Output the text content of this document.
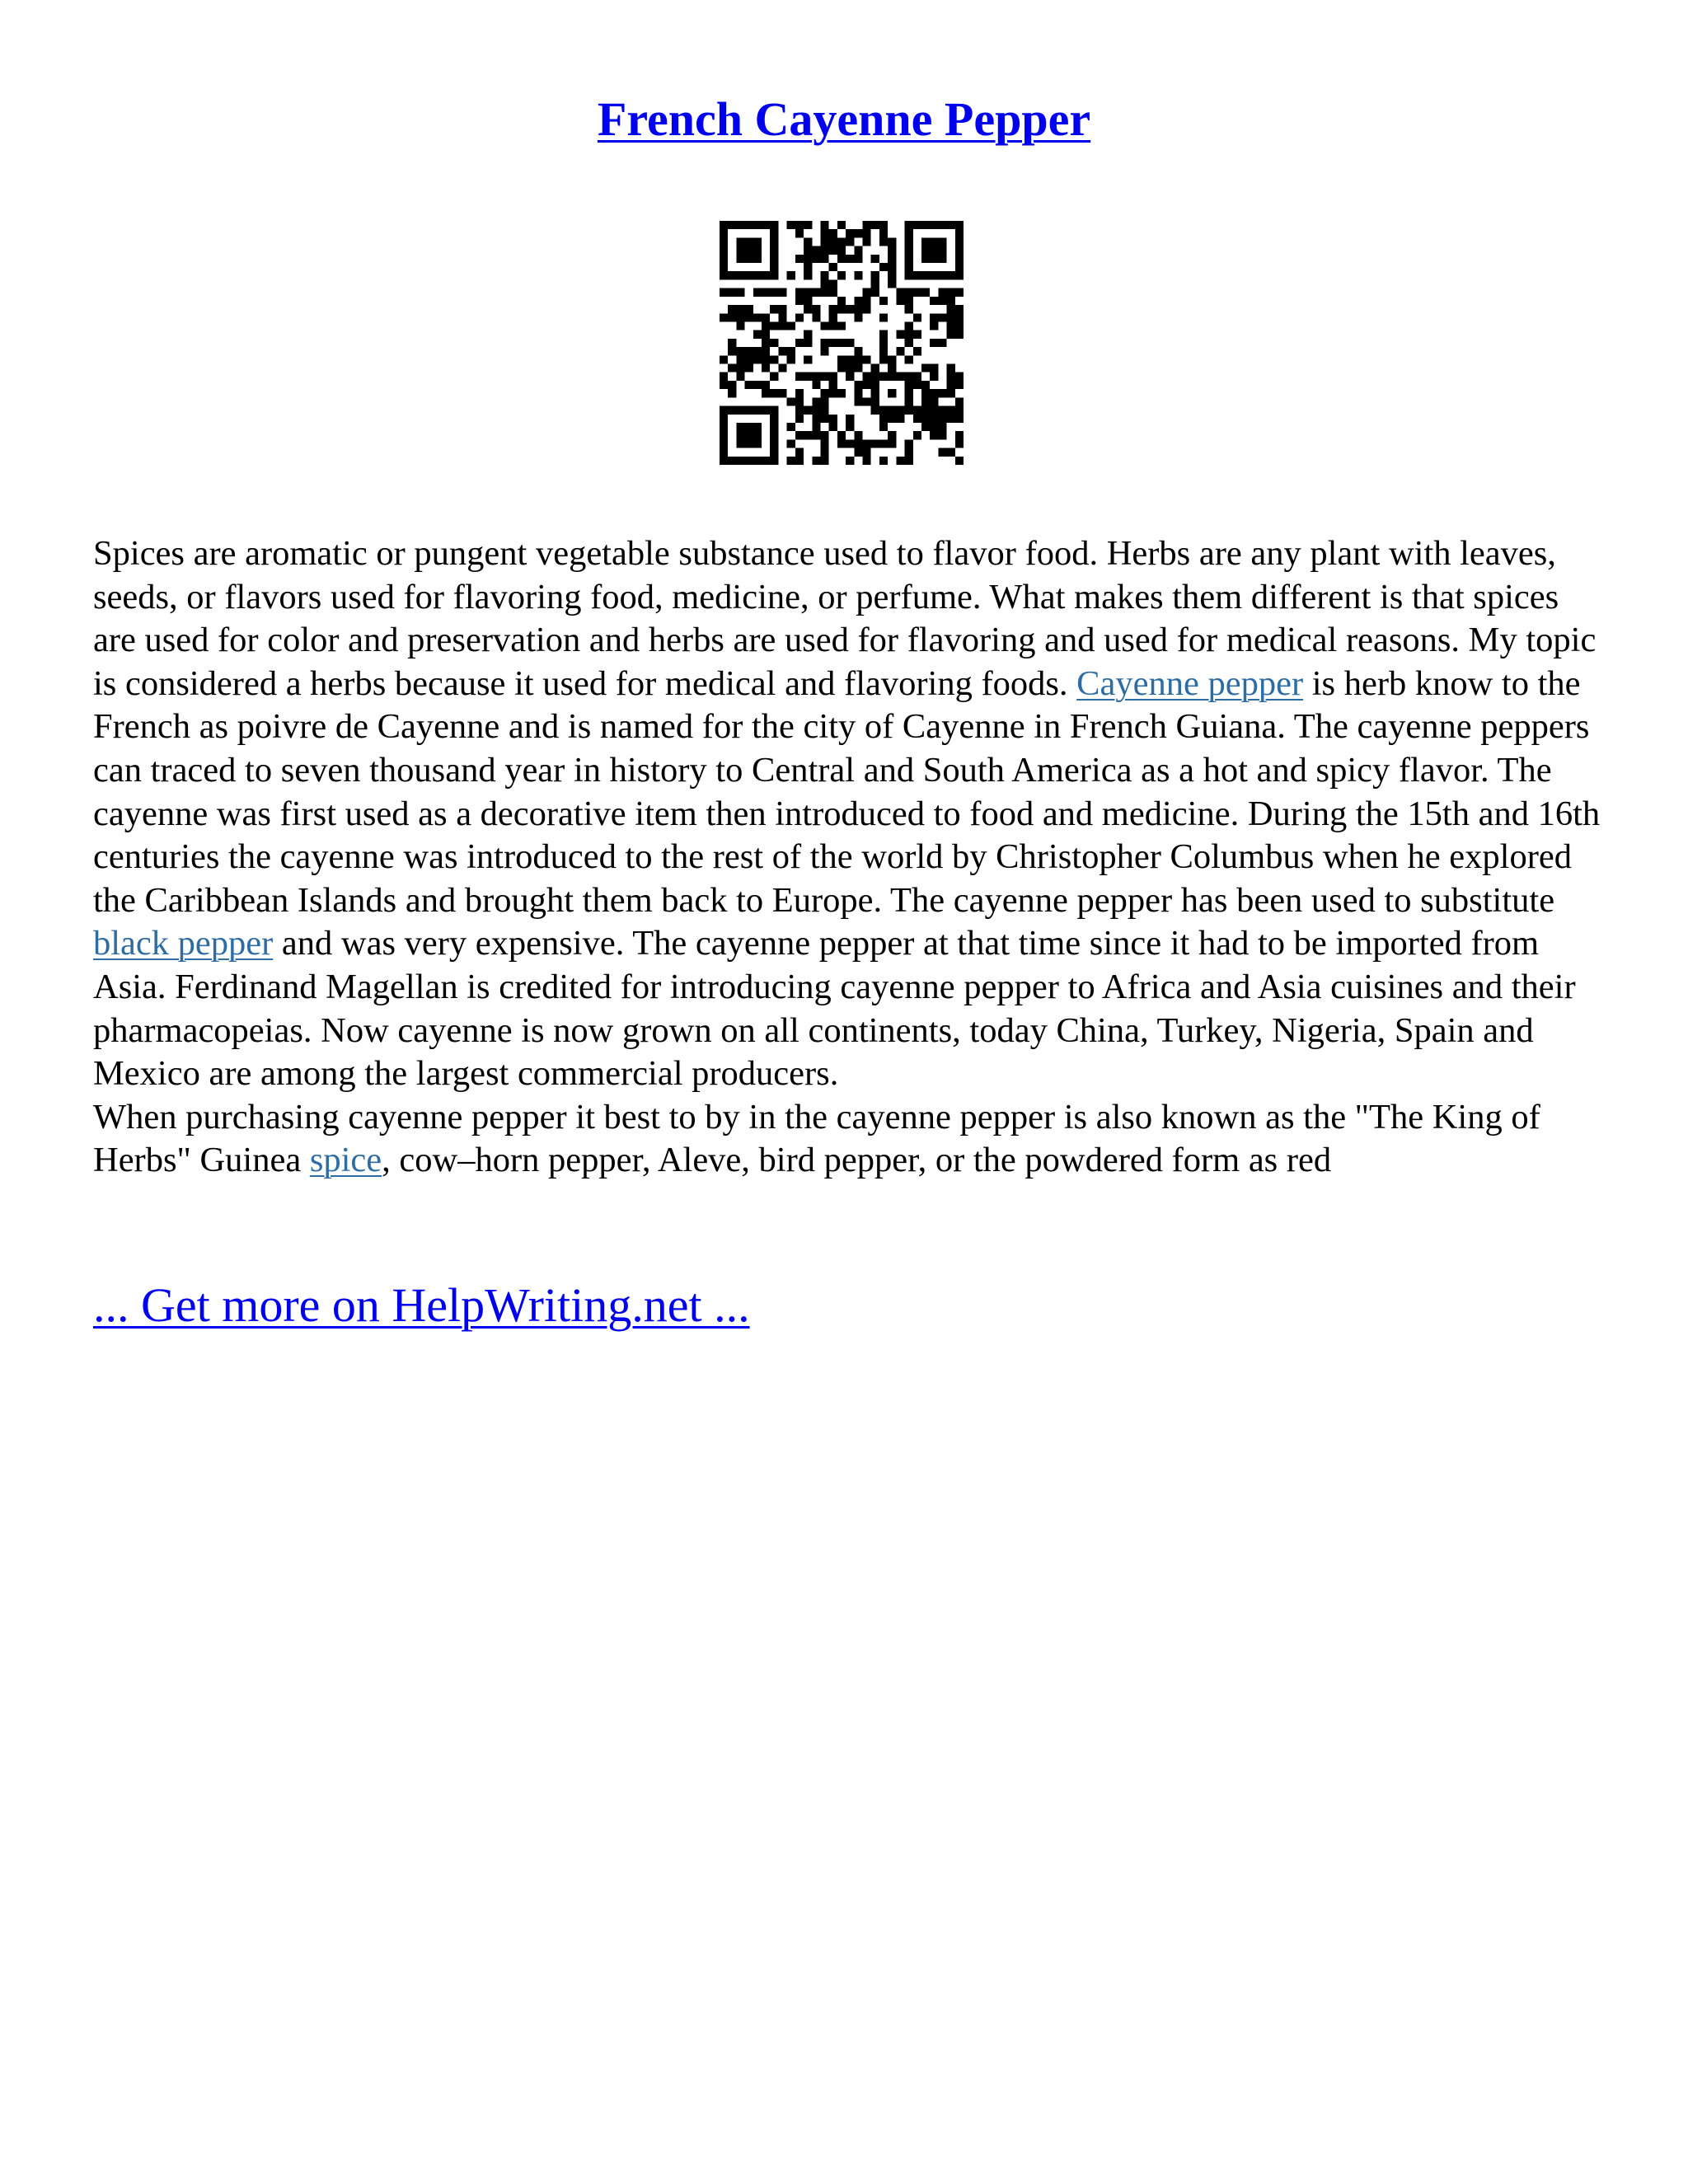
French Cayenne Pepper

Spices are aromatic or pungent vegetable substance used to flavor food. Herbs are any plant with leaves, seeds, or flavors used for flavoring food, medicine, or perfume. What makes them different is that spices are used for color and preservation and herbs are used for flavoring and used for medical reasons. My topic is considered a herbs because it used for medical and flavoring foods. Cayenne pepper is herb know to the French as poivre de Cayenne and is named for the city of Cayenne in French Guiana. The cayenne peppers can traced to seven thousand year in history to Central and South America as a hot and spicy flavor. The cayenne was first used as a decorative item then introduced to food and medicine. During the 15th and 16th centuries the cayenne was introduced to the rest of the world by Christopher Columbus when he explored the Caribbean Islands and brought them back to Europe. The cayenne pepper has been used to substitute black pepper and was very expensive. The cayenne pepper at that time since it had to be imported from Asia. Ferdinand Magellan is credited for introducing cayenne pepper to Africa and Asia cuisines and their pharmacopeias. Now cayenne is now grown on all continents, today China, Turkey, Nigeria, Spain and Mexico are among the largest commercial producers.

When purchasing cayenne pepper it best to by in the cayenne pepper is also known as the "The King of Herbs" Guinea spice, cow–horn pepper, Aleve, bird pepper, or the powdered form as red

... Get more on HelpWriting.net ...
